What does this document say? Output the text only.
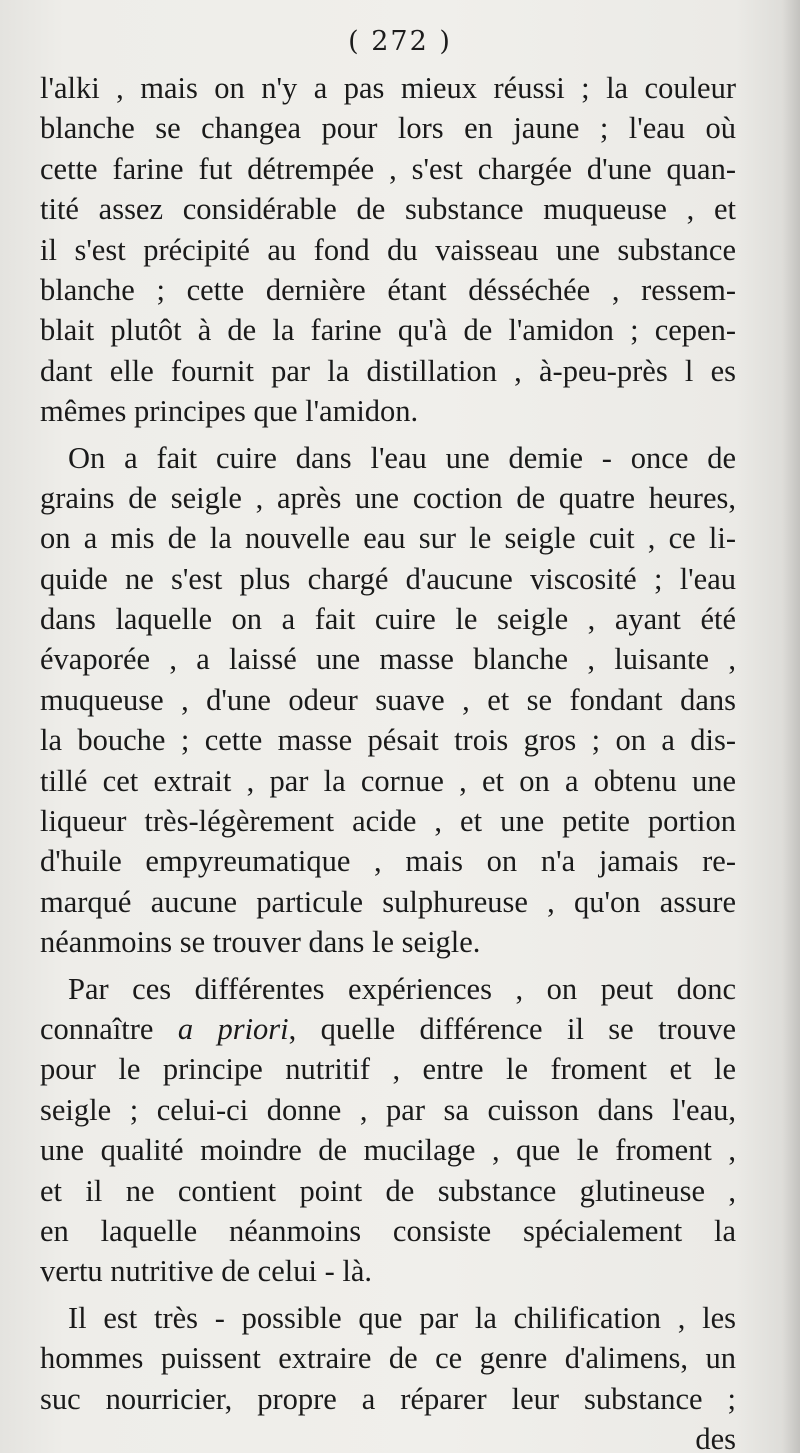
( 272 )
l'alki , mais on n'y a pas mieux réussi ; la couleur
blanche se changea pour lors en jaune ; l'eau où
cette farine fut détrempée , s'est chargée d'une quan-
tité assez considérable de substance muqueuse , et
il s'est précipité au fond du vaisseau une substance
blanche ; cette dernière étant désséchée , ressem-
blait plutôt à de la farine qu'à de l'amidon ; cepen-
dant elle fournit par la distillation , à-peu-près l es
mêmes principes que l'amidon.
On a fait cuire dans l'eau une demie - once de
grains de seigle , après une coction de quatre heures,
on a mis de la nouvelle eau sur le seigle cuit , ce li-
quide ne s'est plus chargé d'aucune viscosité ; l'eau
dans laquelle on a fait cuire le seigle , ayant été
évaporée , a laissé une masse blanche , luisante ,
muqueuse , d'une odeur suave , et se fondant dans
la bouche ; cette masse pésait trois gros ; on a dis-
tillé cet extrait , par la cornue , et on a obtenu une
liqueur très-légèrement acide , et une petite portion
d'huile empyreumatique , mais on n'a jamais re-
marqué aucune particule sulphureuse , qu'on assure
néanmoins se trouver dans le seigle.
Par ces différentes expériences , on peut donc
connaître a priori, quelle différence il se trouve
pour le principe nutritif , entre le froment et le
seigle ; celui-ci donne , par sa cuisson dans l'eau,
une qualité moindre de mucilage , que le froment ,
et il ne contient point de substance glutineuse ,
en laquelle néanmoins consiste spécialement la
vertu nutritive de celui - là.
Il est très - possible que par la chilification , les
hommes puissent extraire de ce genre d'alimens, un
suc nourricier, propre a réparer leur substance ;
des
